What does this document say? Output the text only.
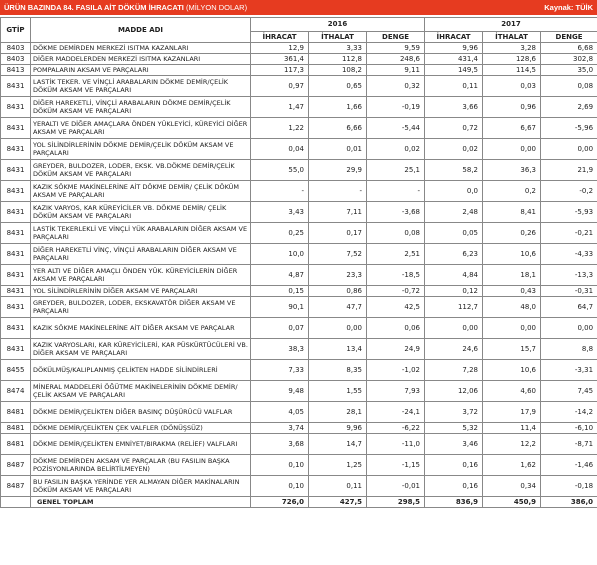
ÜRÜN BAZINDA 84. FASILA AİT DÖKÜM İHRACATI (MİLYON DOLAR)	Kaynak: TÜİK
GTİP	MADDE ADI	2016			2017		
		İHRACAT	İTHALAT	DENGE	İHRACAT	İTHALAT	DENGE
8403	DÖKME DEMİRDEN MERKEZİ ISITMA KAZANLARI	12,9	3,33	9,59	9,96	3,28	6,68
8403	DİĞER MADDELERDEN MERKEZİ ISITMA KAZANLARI	361,4	112,8	248,6	431,4	128,6	302,8
8413	POMPALARIN AKSAM VE PARÇALARI	117,3	108,2	9,11	149,5	114,5	35,0
8431	LASTİK TEKER. VE VİNÇLİ ARABALARIN DÖKME DEMİR/ÇELİK DÖKÜM AKSAM VE PARÇALARI	0,97	0,65	0,32	0,11	0,03	0,08
8431	DİĞER HAREKETLİ, VİNÇLİ ARABALARIN DÖKME DEMİR/ÇELİK DÖKÜM AKSAM VE PARÇALARI	1,47	1,66	-0,19	3,66	0,96	2,69
8431	YERALTI VE DİĞER AMAÇLARA ÖNDEN YÜKLEYİCİ, KÜREYİCİ DİĞER AKSAM VE PARÇALARI	1,22	6,66	-5,44	0,72	6,67	-5,96
8431	YOL SİLİNDİRLERİNİN DÖKME DEMİR/ÇELİK DÖKÜM AKSAM VE PARÇALARI	0,04	0,01	0,02	0,02	0,00	0,00
8431	GREYDER, BULDOZER, LODER, EKSK. VB.DÖKME DEMİR/ÇELİK DÖKÜM AKSAM VE PARÇALARI	55,0	29,9	25,1	58,2	36,3	21,9
8431	KAZIK SÖKME MAKİNELERİNE AİT DÖKME DEMİR/ ÇELİK DÖKÜM AKSAM VE PARÇALARI	-	-	-	0,0	0,2	-0,2
8431	KAZIK VARYOS, KAR KÜREYİCİLER VB. DÖKME DEMİR/ ÇELİK DÖKÜM AKSAM VE PARÇALARI	3,43	7,11	-3,68	2,48	8,41	-5,93
8431	LASTİK TEKERLEKLİ VE VİNÇLİ YÜK ARABALARIN DİĞER AKSAM VE PARÇALARI	0,25	0,17	0,08	0,05	0,26	-0,21
8431	DİĞER HAREKETLİ VİNÇ, VİNÇLİ ARABALARIN DİĞER AKSAM VE PARÇALARI	10,0	7,52	2,51	6,23	10,6	-4,33
8431	YER ALTI VE DİĞER AMAÇLI ÖNDEN YÜK. KÜREYİCİLERİN DİĞER AKSAM VE PARÇALARI	4,87	23,3	-18,5	4,84	18,1	-13,3
8431	YOL SİLİNDİRLERİNİN DİĞER AKSAM VE PARÇALARI	0,15	0,86	-0,72	0,12	0,43	-0,31
8431	GREYDER, BULDOZER, LODER, EKSKAVATÖR DİĞER AKSAM VE PARÇALARI	90,1	47,7	42,5	112,7	48,0	64,7
8431	KAZIK SÖKME MAKİNELERİNE AİT DİĞER AKSAM VE PARÇALAR	0,07	0,00	0,06	0,00	0,00	0,00
8431	KAZIK VARYOSLARI, KAR KÜREYİCİLERİ, KAR PÜSKÜRTÜCÜLERİ VB. DİĞER AKSAM VE PARÇALARI	38,3	13,4	24,9	24,6	15,7	8,8
8455	DÖKÜLMÜŞ/KALIPLANMIŞ ÇELİKTEN HADDE SİLİNDİRLERİ	7,33	8,35	-1,02	7,28	10,6	-3,31
8474	MİNERAL MADDELERİ ÖĞÜTME MAKİNELERİNİN DÖKME DEMİR/ÇELİK AKSAM VE PARÇALARI	9,48	1,55	7,93	12,06	4,60	7,45
8481	DÖKME DEMİR/ÇELİKTEN DİĞER BASINÇ DÜŞÜRÜCÜ VALFLAR	4,05	28,1	-24,1	3,72	17,9	-14,2
8481	DÖKME DEMİR/ÇELİKTEN ÇEK VALFLER (DÖNÜŞSÜZ)	3,74	9,96	-6,22	5,32	11,4	-6,10
8481	DÖKME DEMİR/ÇELİKTEN EMNİYET/BIRAKMA (RELİEF) VALFLARI	3,68	14,7	-11,0	3,46	12,2	-8,71
8487	DÖKME DEMİRDEN AKSAM VE PARÇALAR (BU FASILIN BAŞKA POZİSYONLARINDA BELİRTİLMEYEN)	0,10	1,25	-1,15	0,16	1,62	-1,46
8487	BU FASILIN BAŞKA YERİNDE YER ALMAYAN DİĞER MAKİNALARIN DÖKÜM AKSAM VE PARÇALARI	0,10	0,11	-0,01	0,16	0,34	-0,18
	GENEL TOPLAM	726,0	427,5	298,5	836,9	450,9	386,0
